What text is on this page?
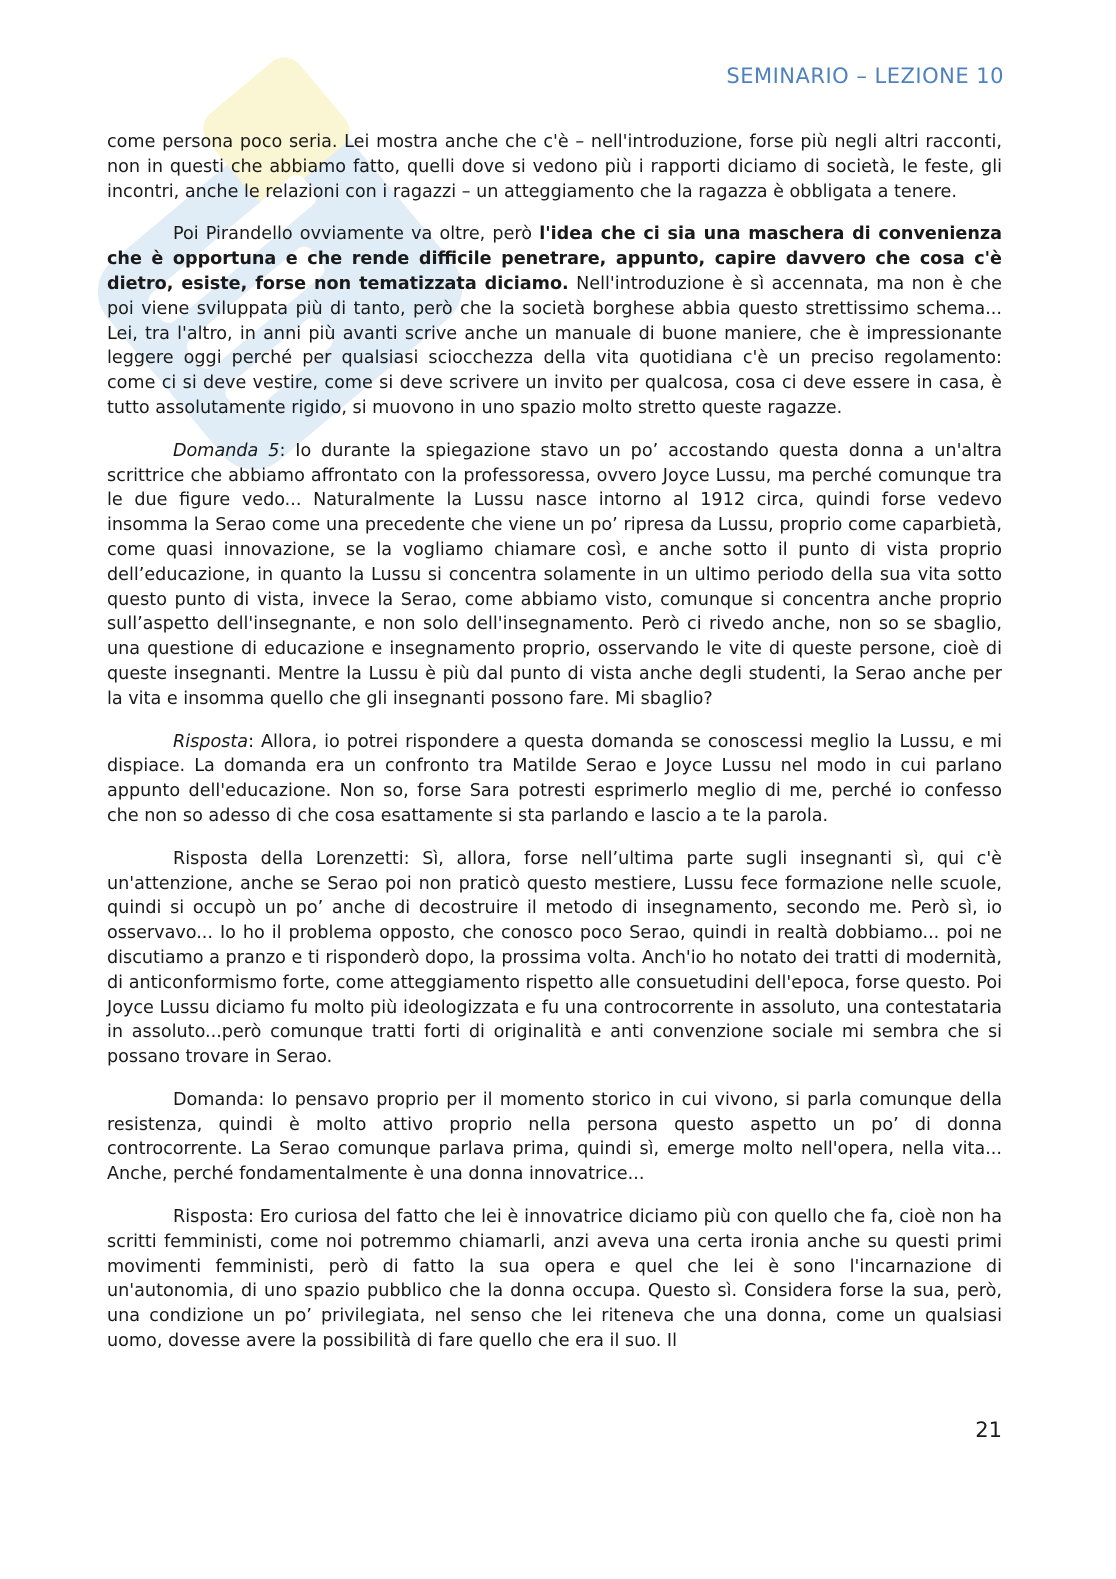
SEMINARIO – LEZIONE 10

come persona poco seria. Lei mostra anche che c'è – nell'introduzione, forse più negli altri racconti, non in questi che abbiamo fatto, quelli dove si vedono più i rapporti diciamo di società, le feste, gli incontri, anche le relazioni con i ragazzi – un atteggiamento che la ragazza è obbligata a tenere.

Poi Pirandello ovviamente va oltre, però l'idea che ci sia una maschera di convenienza che è opportuna e che rende difficile penetrare, appunto, capire davvero che cosa c'è dietro, esiste, forse non tematizzata diciamo. Nell'introduzione è sì accennata, ma non è che poi viene sviluppata più di tanto, però che la società borghese abbia questo strettissimo schema... Lei, tra l'altro, in anni più avanti scrive anche un manuale di buone maniere, che è impressionante leggere oggi perché per qualsiasi sciocchezza della vita quotidiana c'è un preciso regolamento: come ci si deve vestire, come si deve scrivere un invito per qualcosa, cosa ci deve essere in casa, è tutto assolutamente rigido, si muovono in uno spazio molto stretto queste ragazze.

Domanda 5: Io durante la spiegazione stavo un po’ accostando questa donna a un'altra scrittrice che abbiamo affrontato con la professoressa, ovvero Joyce Lussu, ma perché comunque tra le due figure vedo... Naturalmente la Lussu nasce intorno al 1912 circa, quindi forse vedevo insomma la Serao come una precedente che viene un po’ ripresa da Lussu, proprio come caparbietà, come quasi innovazione, se la vogliamo chiamare così, e anche sotto il punto di vista proprio dell’educazione, in quanto la Lussu si concentra solamente in un ultimo periodo della sua vita sotto questo punto di vista, invece la Serao, come abbiamo visto, comunque si concentra anche proprio sull’aspetto dell'insegnante, e non solo dell'insegnamento. Però ci rivedo anche, non so se sbaglio, una questione di educazione e insegnamento proprio, osservando le vite di queste persone, cioè di queste insegnanti. Mentre la Lussu è più dal punto di vista anche degli studenti, la Serao anche per la vita e insomma quello che gli insegnanti possono fare. Mi sbaglio?

Risposta: Allora, io potrei rispondere a questa domanda se conoscessi meglio la Lussu, e mi dispiace. La domanda era un confronto tra Matilde Serao e Joyce Lussu nel modo in cui parlano appunto dell'educazione. Non so, forse Sara potresti esprimerlo meglio di me, perché io confesso che non so adesso di che cosa esattamente si sta parlando e lascio a te la parola.

Risposta della Lorenzetti: Sì, allora, forse nell’ultima parte sugli insegnanti sì, qui c'è un'attenzione, anche se Serao poi non praticò questo mestiere, Lussu fece formazione nelle scuole, quindi si occupò un po’ anche di decostruire il metodo di insegnamento, secondo me. Però sì, io osservavo... Io ho il problema opposto, che conosco poco Serao, quindi in realtà dobbiamo... poi ne discutiamo a pranzo e ti risponderò dopo, la prossima volta. Anch'io ho notato dei tratti di modernità, di anticonformismo forte, come atteggiamento rispetto alle consuetudini dell'epoca, forse questo. Poi Joyce Lussu diciamo fu molto più ideologizzata e fu una controcorrente in assoluto, una contestataria in assoluto...però comunque tratti forti di originalità e anti convenzione sociale mi sembra che si possano trovare in Serao.

Domanda: Io pensavo proprio per il momento storico in cui vivono, si parla comunque della resistenza, quindi è molto attivo proprio nella persona questo aspetto un po’ di donna controcorrente. La Serao comunque parlava prima, quindi sì, emerge molto nell'opera, nella vita... Anche, perché fondamentalmente è una donna innovatrice...

Risposta: Ero curiosa del fatto che lei è innovatrice diciamo più con quello che fa, cioè non ha scritti femministi, come noi potremmo chiamarli, anzi aveva una certa ironia anche su questi primi movimenti femministi, però di fatto la sua opera e quel che lei è sono l'incarnazione di un'autonomia, di uno spazio pubblico che la donna occupa. Questo sì. Considera forse la sua, però, una condizione un po’ privilegiata, nel senso che lei riteneva che una donna, come un qualsiasi uomo, dovesse avere la possibilità di fare quello che era il suo. Il

21
